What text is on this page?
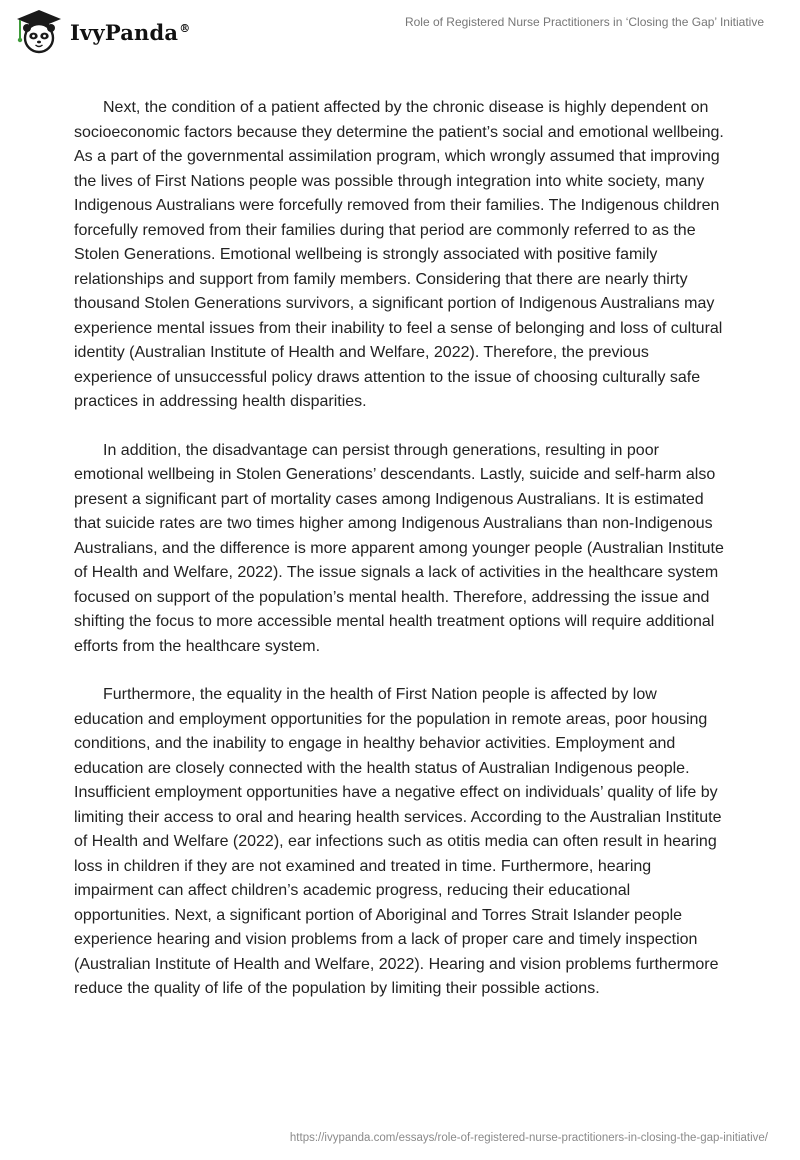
IvyPanda®	Role of Registered Nurse Practitioners in ‘Closing the Gap’ Initiative

Next, the condition of a patient affected by the chronic disease is highly dependent on socioeconomic factors because they determine the patient’s social and emotional wellbeing. As a part of the governmental assimilation program, which wrongly assumed that improving the lives of First Nations people was possible through integration into white society, many Indigenous Australians were forcefully removed from their families. The Indigenous children forcefully removed from their families during that period are commonly referred to as the Stolen Generations. Emotional wellbeing is strongly associated with positive family relationships and support from family members. Considering that there are nearly thirty thousand Stolen Generations survivors, a significant portion of Indigenous Australians may experience mental issues from their inability to feel a sense of belonging and loss of cultural identity (Australian Institute of Health and Welfare, 2022). Therefore, the previous experience of unsuccessful policy draws attention to the issue of choosing culturally safe practices in addressing health disparities.

In addition, the disadvantage can persist through generations, resulting in poor emotional wellbeing in Stolen Generations’ descendants. Lastly, suicide and self-harm also present a significant part of mortality cases among Indigenous Australians. It is estimated that suicide rates are two times higher among Indigenous Australians than non-Indigenous Australians, and the difference is more apparent among younger people (Australian Institute of Health and Welfare, 2022). The issue signals a lack of activities in the healthcare system focused on support of the population’s mental health. Therefore, addressing the issue and shifting the focus to more accessible mental health treatment options will require additional efforts from the healthcare system.

Furthermore, the equality in the health of First Nation people is affected by low education and employment opportunities for the population in remote areas, poor housing conditions, and the inability to engage in healthy behavior activities. Employment and education are closely connected with the health status of Australian Indigenous people. Insufficient employment opportunities have a negative effect on individuals’ quality of life by limiting their access to oral and hearing health services. According to the Australian Institute of Health and Welfare (2022), ear infections such as otitis media can often result in hearing loss in children if they are not examined and treated in time. Furthermore, hearing impairment can affect children’s academic progress, reducing their educational opportunities. Next, a significant portion of Aboriginal and Torres Strait Islander people experience hearing and vision problems from a lack of proper care and timely inspection (Australian Institute of Health and Welfare, 2022). Hearing and vision problems furthermore reduce the quality of life of the population by limiting their possible actions.

https://ivypanda.com/essays/role-of-registered-nurse-practitioners-in-closing-the-gap-initiative/
